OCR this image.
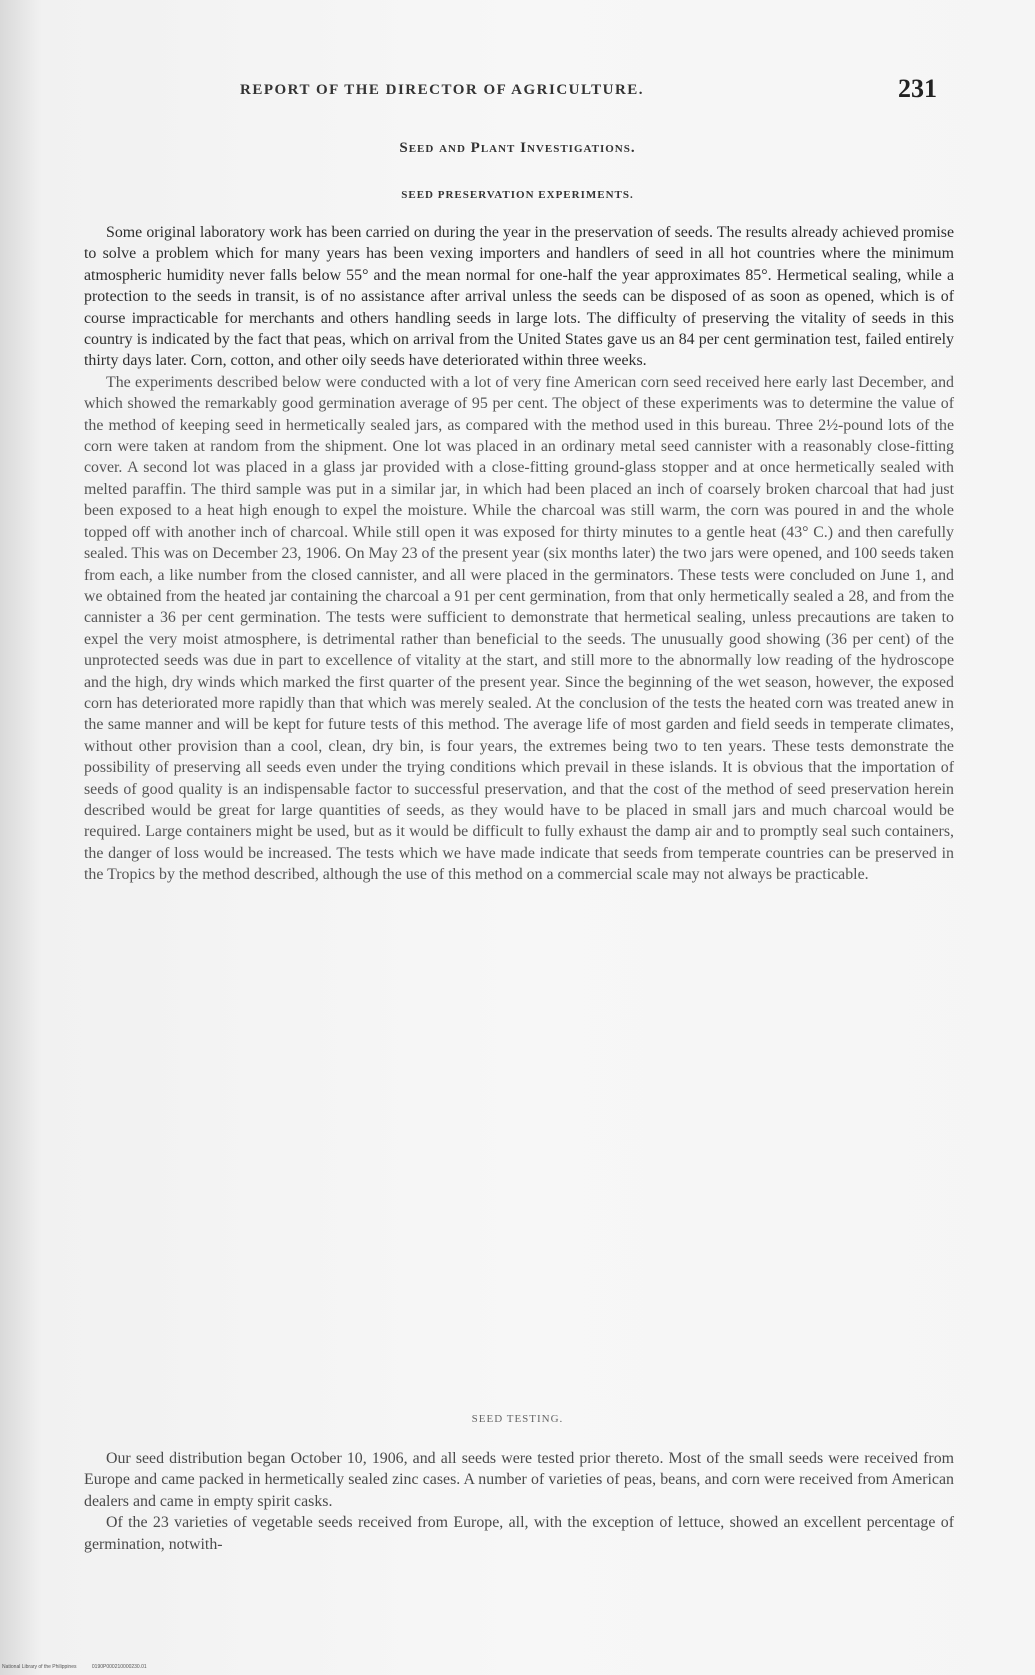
REPORT OF THE DIRECTOR OF AGRICULTURE.	231
Seed and Plant Investigations.
SEED PRESERVATION EXPERIMENTS.

Some original laboratory work has been carried on during the year in the preservation of seeds. The results already achieved promise to solve a problem which for many years has been vexing importers and handlers of seed in all hot countries where the minimum atmospheric humidity never falls below 55° and the mean normal for one-half the year approximates 85°. Hermetical sealing, while a protection to the seeds in transit, is of no assistance after arrival unless the seeds can be disposed of as soon as opened, which is of course impracticable for merchants and others handling seeds in large lots. The difficulty of preserving the vitality of seeds in this country is indicated by the fact that peas, which on arrival from the United States gave us an 84 per cent germination test, failed entirely thirty days later. Corn, cotton, and other oily seeds have deteriorated within three weeks.

The experiments described below were conducted with a lot of very fine American corn seed received here early last December, and which showed the remarkably good germination average of 95 per cent. The object of these experiments was to determine the value of the method of keeping seed in hermetically sealed jars, as compared with the method used in this bureau. Three 2½-pound lots of the corn were taken at random from the shipment. One lot was placed in an ordinary metal seed cannister with a reasonably close-fitting cover. A second lot was placed in a glass jar provided with a close-fitting ground-glass stopper and at once hermetically sealed with melted paraffin. The third sample was put in a similar jar, in which had been placed an inch of coarsely broken charcoal that had just been exposed to a heat high enough to expel the moisture. While the charcoal was still warm, the corn was poured in and the whole topped off with another inch of charcoal. While still open it was exposed for thirty minutes to a gentle heat (43° C.) and then carefully sealed. This was on December 23, 1906. On May 23 of the present year (six months later) the two jars were opened, and 100 seeds taken from each, a like number from the closed cannister, and all were placed in the germinators. These tests were concluded on June 1, and we obtained from the heated jar containing the charcoal a 91 per cent germination, from that only hermetically sealed a 28, and from the cannister a 36 per cent germination. The tests were sufficient to demonstrate that hermetical sealing, unless precautions are taken to expel the very moist atmosphere, is detrimental rather than beneficial to the seeds. The unusually good showing (36 per cent) of the unprotected seeds was due in part to excellence of vitality at the start, and still more to the abnormally low reading of the hydroscope and the high, dry winds which marked the first quarter of the present year. Since the beginning of the wet season, however, the exposed corn has deteriorated more rapidly than that which was merely sealed. At the conclusion of the tests the heated corn was treated anew in the same manner and will be kept for future tests of this method. The average life of most garden and field seeds in temperate climates, without other provision than a cool, clean, dry bin, is four years, the extremes being two to ten years. These tests demonstrate the possibility of preserving all seeds even under the trying conditions which prevail in these islands. It is obvious that the importation of seeds of good quality is an indispensable factor to successful preservation, and that the cost of the method of seed preservation herein described would be great for large quantities of seeds, as they would have to be placed in small jars and much charcoal would be required. Large containers might be used, but as it would be difficult to fully exhaust the damp air and to promptly seal such containers, the danger of loss would be increased. The tests which we have made indicate that seeds from temperate countries can be preserved in the Tropics by the method described, although the use of this method on a commercial scale may not always be practicable.

SEED TESTING.

Our seed distribution began October 10, 1906, and all seeds were tested prior thereto. Most of the small seeds were received from Europe and came packed in hermetically sealed zinc cases. A number of varieties of peas, beans, and corn were received from American dealers and came in empty spirit casks.

Of the 23 varieties of vegetable seeds received from Europe, all, with the exception of lettuce, showed an excellent percentage of germination, notwith-

National Library of the Philippines	0190P000210000230.01
